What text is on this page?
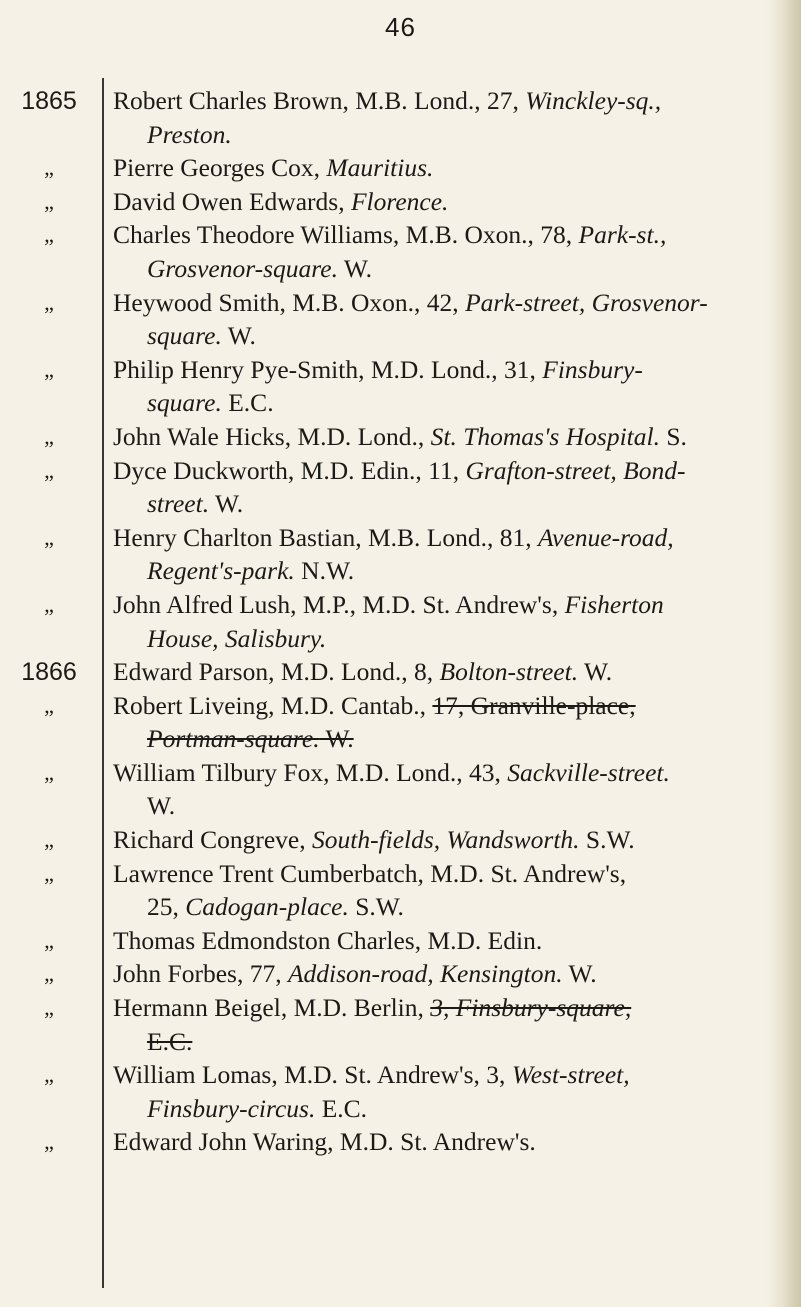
46
1865	Robert Charles Brown, M.B. Lond., 27, Winckley-sq.,
Preston.
„	Pierre Georges Cox, Mauritius.
„	David Owen Edwards, Florence.
„	Charles Theodore Williams, M.B. Oxon., 78, Park-st.,
Grosvenor-square. W.
„	Heywood Smith, M.B. Oxon., 42, Park-street, Grosvenor-
square. W.
„	Philip Henry Pye-Smith, M.D. Lond., 31, Finsbury-
square. E.C.
„	John Wale Hicks, M.D. Lond., St. Thomas's Hospital. S.
„	Dyce Duckworth, M.D. Edin., 11, Grafton-street, Bond-
street. W.
„	Henry Charlton Bastian, M.B. Lond., 81, Avenue-road,
Regent's-park. N.W.
„	John Alfred Lush, M.P., M.D. St. Andrew's, Fisherton
House, Salisbury.
1866	Edward Parson, M.D. Lond., 8, Bolton-street. W.
„	Robert Liveing, M.D. Cantab., 17, Granville-place,
Portman-square. W.
„	William Tilbury Fox, M.D. Lond., 43, Sackville-street.
W.
„	Richard Congreve, South-fields, Wandsworth. S.W.
„	Lawrence Trent Cumberbatch, M.D. St. Andrew's,
25, Cadogan-place. S.W.
„	Thomas Edmondston Charles, M.D. Edin.
„	John Forbes, 77, Addison-road, Kensington. W.
„	Hermann Beigel, M.D. Berlin, 3, Finsbury-square,
E.C.
„	William Lomas, M.D. St. Andrew's, 3, West-street,
Finsbury-circus. E.C.
„	Edward John Waring, M.D. St. Andrew's.
